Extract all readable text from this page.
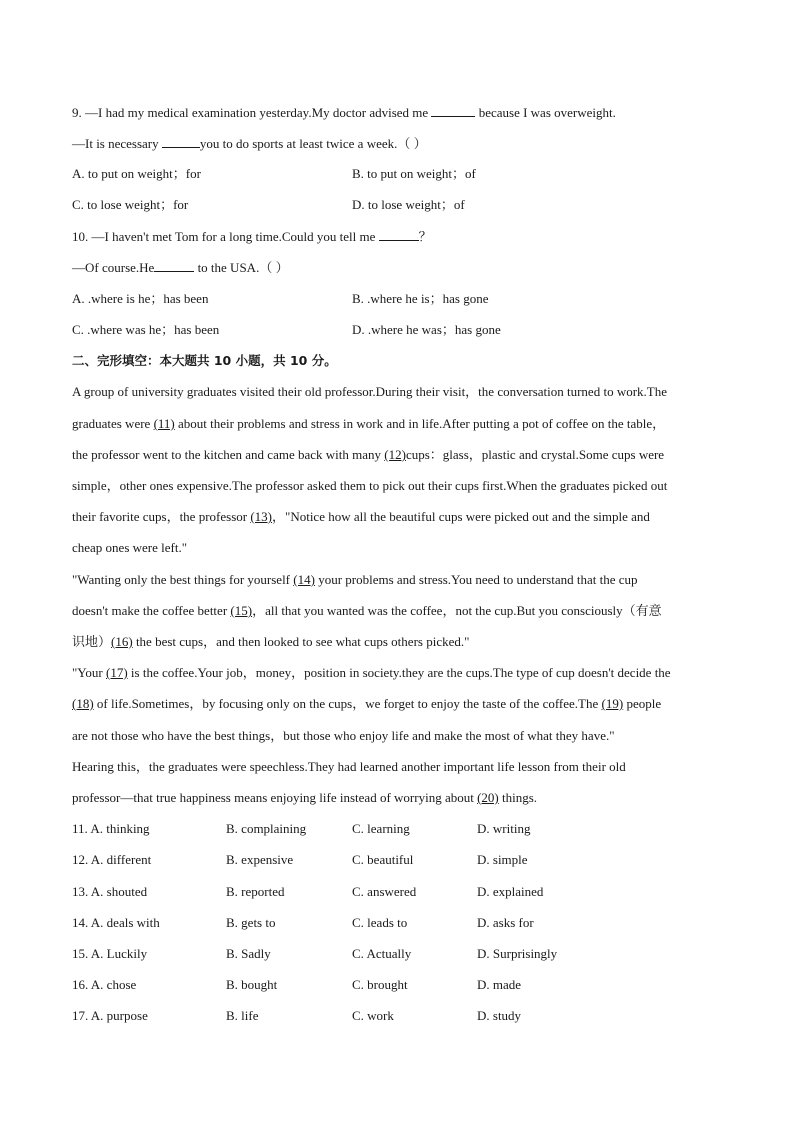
9. —I had my medical examination yesterday.My doctor advised me	because I was overweight.
—It is necessary	you to do sports at least twice a week.（ ）
A. to put on weight；for	B. to put on weight；of
C. to lose weight；for	D. to lose weight；of
10. —I haven't met Tom for a long time.Could you tell me	？
—Of course.He	to the USA.（ ）
A. .where is he；has been	B. .where he is；has gone
C. .where was he；has been	D. .where he was；has gone
二、完形填空：本大题共 10 小题，共 10 分。
A group of university graduates visited their old professor.During their visit，the conversation turned to work.The
graduates were (11) about their problems and stress in work and in life.After putting a pot of coffee on the table，
the professor went to the kitchen and came back with many (12)cups：glass，plastic and crystal.Some cups were
simple，other ones expensive.The professor asked them to pick out their cups first.When the graduates picked out
their favorite cups，the professor (13)，"Notice how all the beautiful cups were picked out and the simple and
cheap ones were left."
"Wanting only the best things for yourself (14) your problems and stress.You need to understand that the cup
doesn't make the coffee better (15)，all that you wanted was the coffee，not the cup.But you consciously（有意
识地）(16) the best cups，and then looked to see what cups others picked."
"Your (17) is the coffee.Your job，money，position in society.they are the cups.The type of cup doesn't decide the
(18) of life.Sometimes，by focusing only on the cups，we forget to enjoy the taste of the coffee.The (19) people
are not those who have the best things，but those who enjoy life and make the most of what they have."
Hearing this，the graduates were speechless.They had learned another important life lesson from their old
professor—that true happiness means enjoying life instead of worrying about (20) things.
11. A. thinking	B. complaining	C. learning	D. writing
12. A. different	B. expensive	C. beautiful	D. simple
13. A. shouted	B. reported	C. answered	D. explained
14. A. deals with	B. gets to	C. leads to	D. asks for
15. A. Luckily	B. Sadly	C. Actually	D. Surprisingly
16. A. chose	B. bought	C. brought	D. made
17. A. purpose	B. life	C. work	D. study
